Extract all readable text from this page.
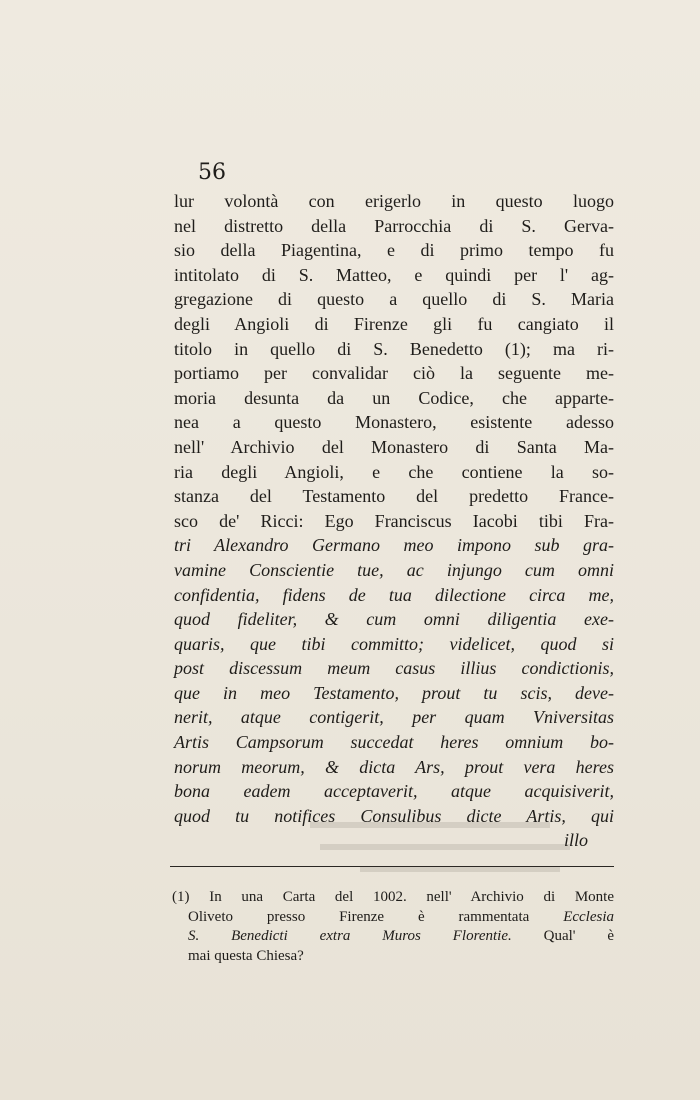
56
lur volontà con erigerlo in questo luogo
nel distretto della Parrocchia di S. Gerva-
sio della Piagentina, e di primo tempo fu
intitolato di S. Matteo, e quindi per l' ag-
gregazione di questo a quello di S. Maria
degli Angioli di Firenze gli fu cangiato il
titolo in quello di S. Benedetto (1); ma ri-
portiamo per convalidar ciò la seguente me-
moria desunta da un Codice, che apparte-
nea a questo Monastero, esistente adesso
nell' Archivio del Monastero di Santa Ma-
ria degli Angioli, e che contiene la so-
stanza del Testamento del predetto France-
sco de' Ricci: Ego Franciscus Iacobi tibi Fra-
tri Alexandro Germano meo impono sub gra-
vamine Conscientie tue, ac injungo cum omni
confidentia, fidens de tua dilectione circa me,
quod fideliter, & cum omni diligentia exe-
quaris, que tibi committo; videlicet, quod si
post discessum meum casus illius condictionis,
que in meo Testamento, prout tu scis, deve-
nerit, atque contigerit, per quam Vniversitas
Artis Campsorum succedat heres omnium bo-
norum meorum, & dicta Ars, prout vera heres
bona eadem acceptaverit, atque acquisiverit,
quod tu notifices Consulibus dicte Artis, qui
illo
(1) In una Carta del 1002. nell' Archivio di Monte
Oliveto presso Firenze è rammentata Ecclesia
S. Benedicti extra Muros Florentie. Qual' è
mai questa Chiesa?
